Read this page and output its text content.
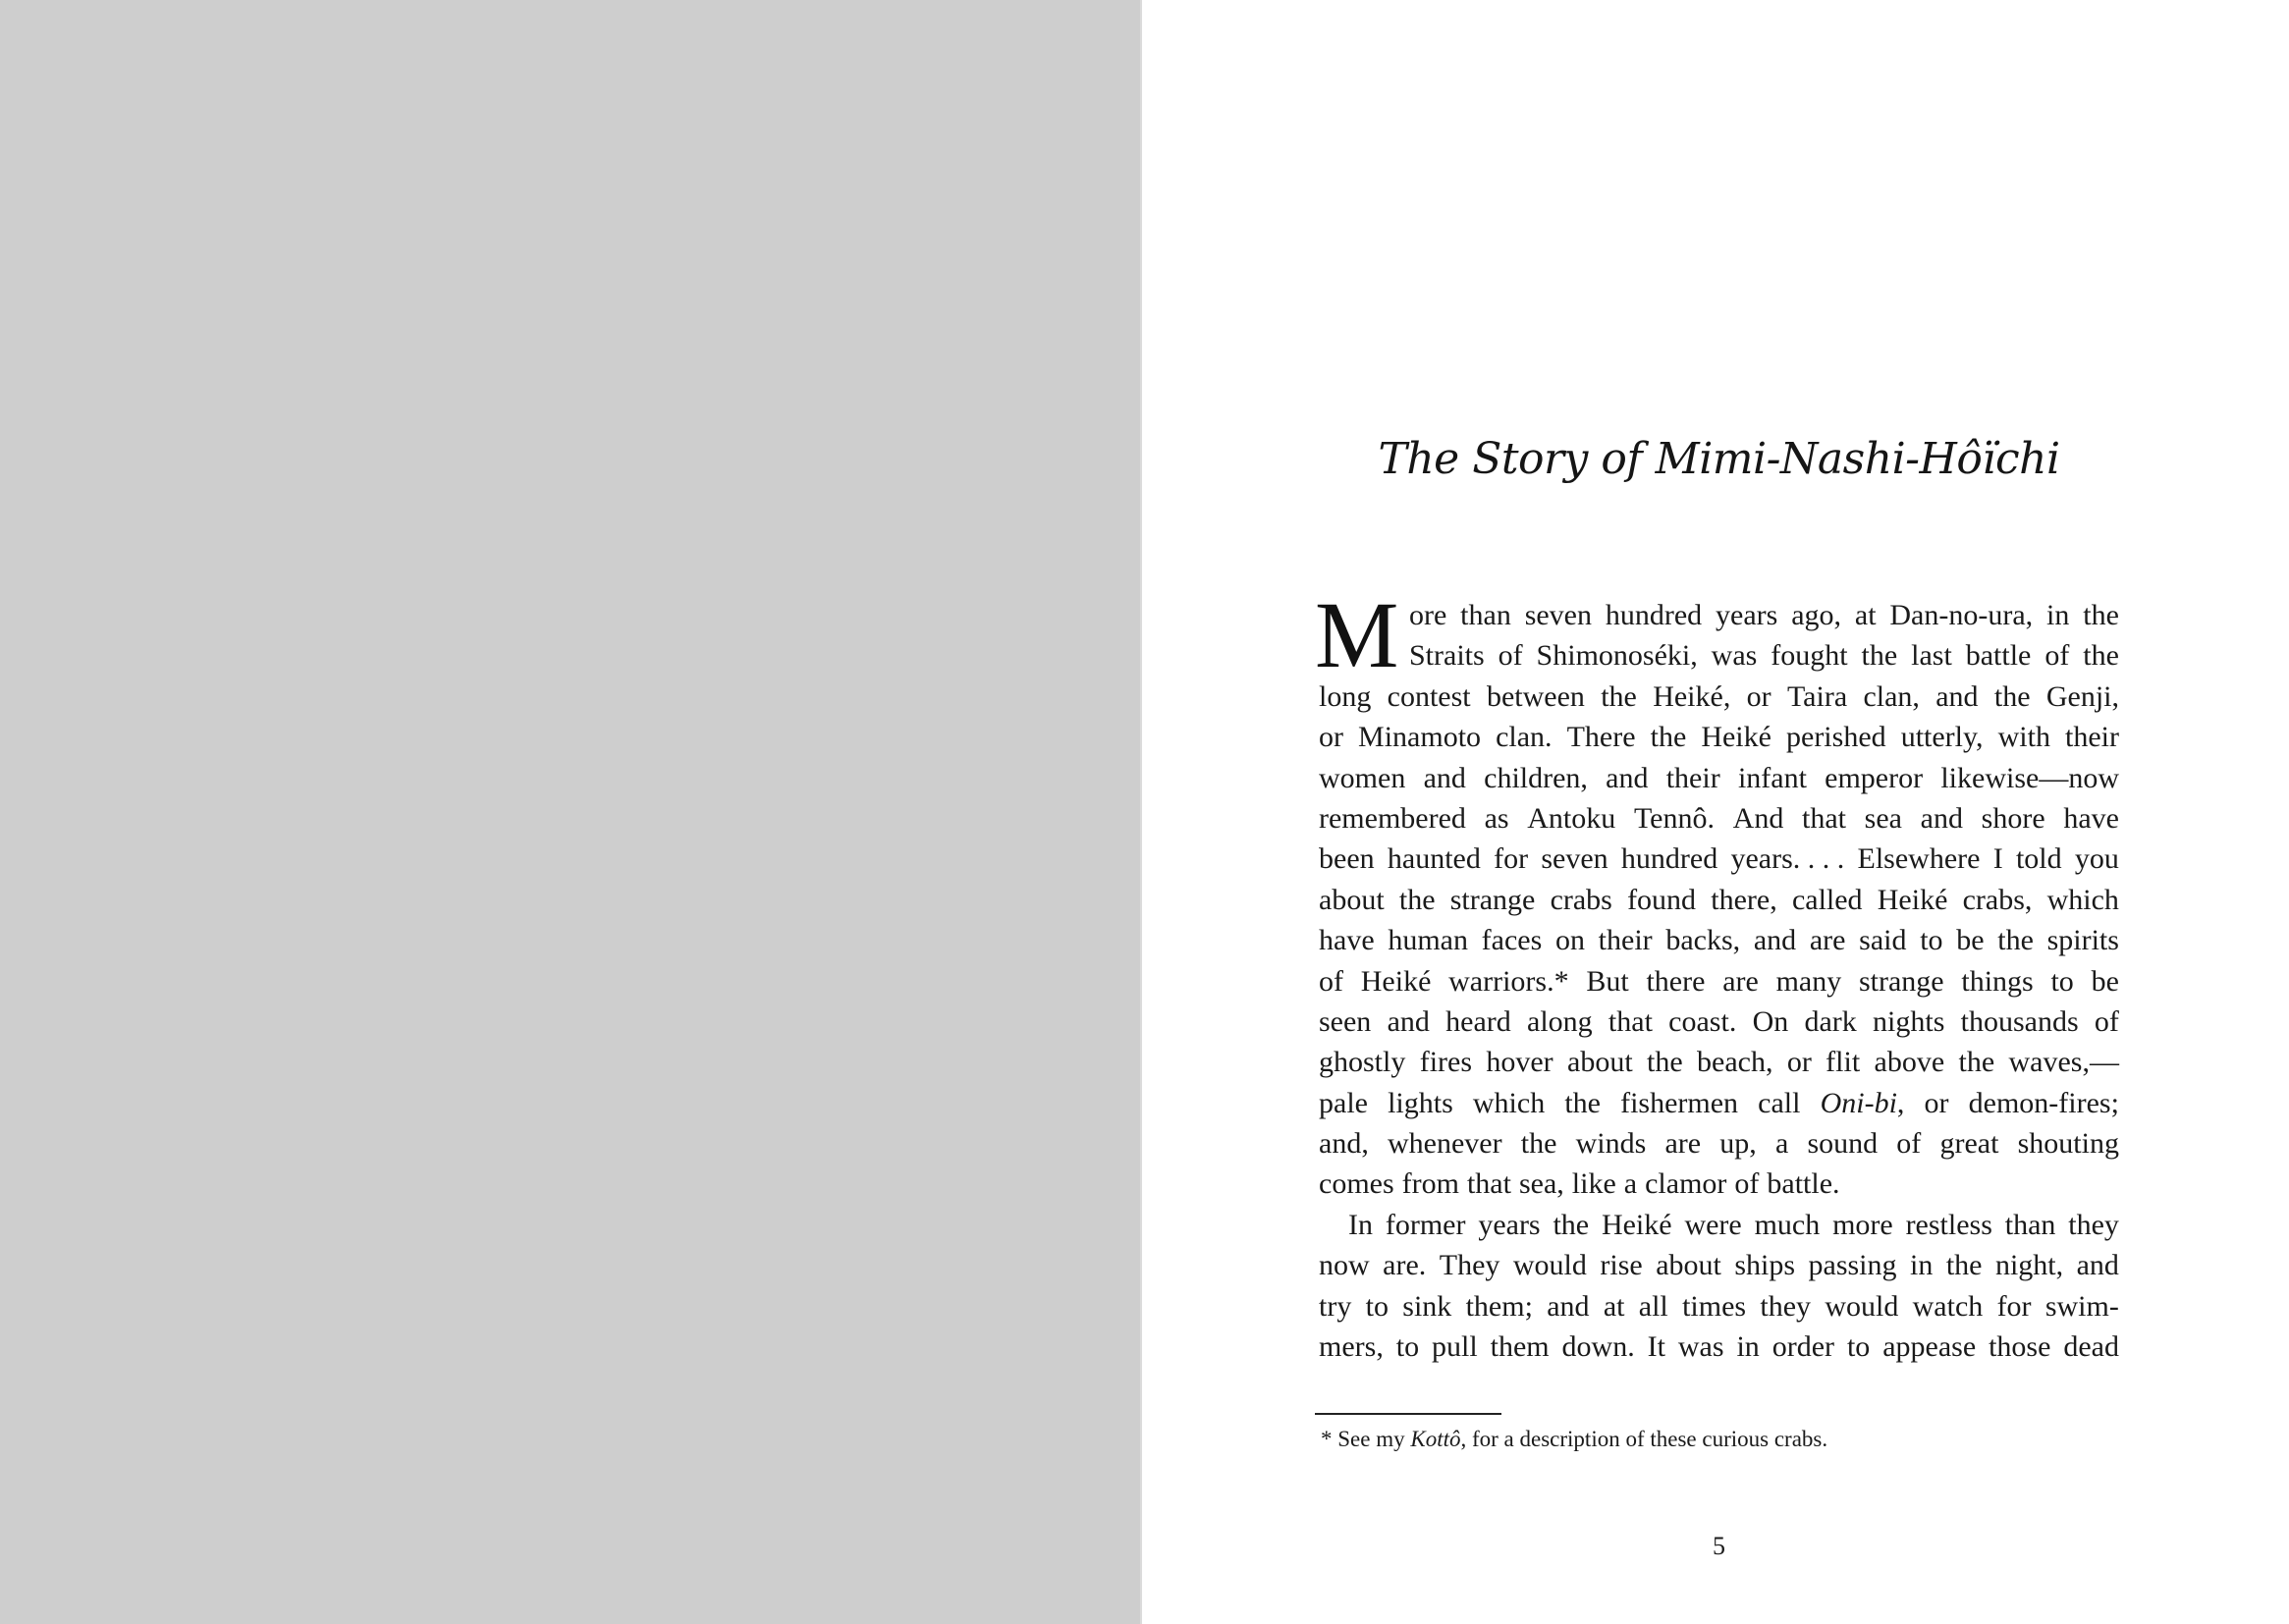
The Story of Mimi-Nashi-Hôïchi
M ore than seven hundred years ago, at Dan-no-ura, in the
Straits of Shimonoséki, was fought the last battle of the
long contest between the Heiké, or Taira clan, and the Genji,
or Minamoto clan. There the Heiké perished utterly, with their
women and children, and their infant emperor likewise—now
remembered as Antoku Tennô. And that sea and shore have
been haunted for seven hundred years. . . . Elsewhere I told you
about the strange crabs found there, called Heiké crabs, which
have human faces on their backs, and are said to be the spirits
of Heiké warriors.* But there are many strange things to be
seen and heard along that coast. On dark nights thousands of
ghostly fires hover about the beach, or flit above the waves,—
pale lights which the fishermen call Oni-bi, or demon-fires;
and, whenever the winds are up, a sound of great shouting
comes from that sea, like a clamor of battle.
In former years the Heiké were much more restless than they
now are. They would rise about ships passing in the night, and
try to sink them; and at all times they would watch for swim-
mers, to pull them down. It was in order to appease those dead
* See my Kottô, for a description of these curious crabs.
5
